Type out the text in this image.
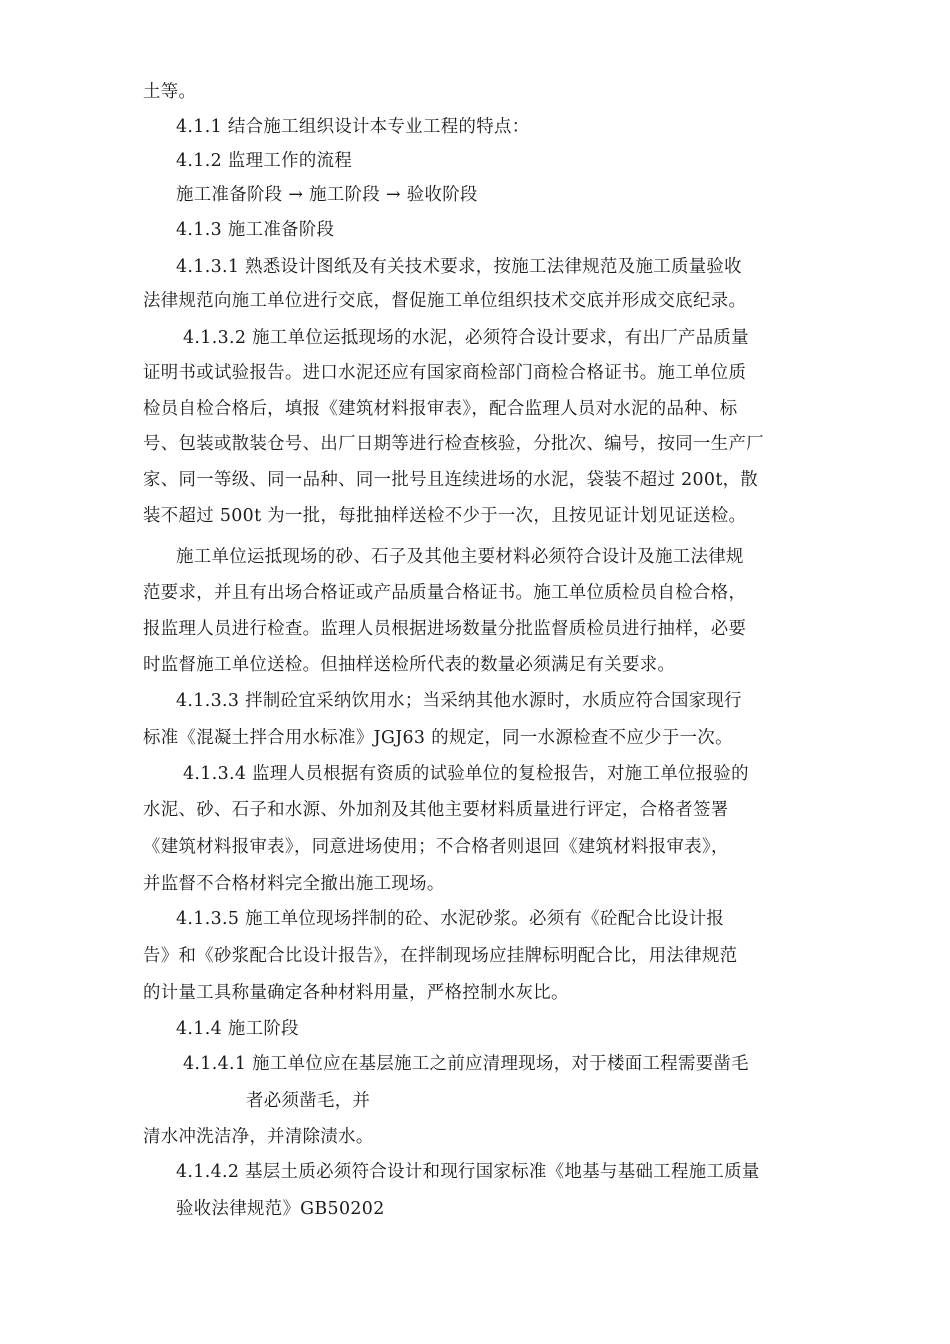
土等。
4.1.1 结合施工组织设计本专业工程的特点：
4.1.2 监理工作的流程
施工准备阶段 → 施工阶段 → 验收阶段
4.1.3 施工准备阶段
4.1.3.1 熟悉设计图纸及有关技术要求，按施工法律规范及施工质量验收
法律规范向施工单位进行交底，督促施工单位组织技术交底并形成交底纪录。
4.1.3.2 施工单位运抵现场的水泥，必须符合设计要求，有出厂产品质量
证明书或试验报告。进口水泥还应有国家商检部门商检合格证书。施工单位质
检员自检合格后，填报《建筑材料报审表》，配合监理人员对水泥的品种、标
号、包装或散装仓号、出厂日期等进行检查核验，分批次、编号，按同一生产厂
家、同一等级、同一品种、同一批号且连续进场的水泥，袋装不超过 200t，散
装不超过 500t 为一批，每批抽样送检不少于一次，且按见证计划见证送检。
施工单位运抵现场的砂、石子及其他主要材料必须符合设计及施工法律规
范要求，并且有出场合格证或产品质量合格证书。施工单位质检员自检合格，
报监理人员进行检查。监理人员根据进场数量分批监督质检员进行抽样，必要
时监督施工单位送检。但抽样送检所代表的数量必须满足有关要求。
4.1.3.3 拌制砼宜采纳饮用水；当采纳其他水源时，水质应符合国家现行
标准《混凝土拌合用水标准》JGJ63 的规定，同一水源检查不应少于一次。
4.1.3.4 监理人员根据有资质的试验单位的复检报告，对施工单位报验的
水泥、砂、石子和水源、外加剂及其他主要材料质量进行评定，合格者签署
《建筑材料报审表》，同意进场使用；不合格者则退回《建筑材料报审表》，
并监督不合格材料完全撤出施工现场。
4.1.3.5 施工单位现场拌制的砼、水泥砂浆。必须有《砼配合比设计报
告》和《砂浆配合比设计报告》，在拌制现场应挂牌标明配合比，用法律规范
的计量工具称量确定各种材料用量，严格控制水灰比。
4.1.4 施工阶段
4.1.4.1 施工单位应在基层施工之前应清理现场，对于楼面工程需要凿毛
者必须凿毛，并
清水冲洗洁净，并清除渍水。
4.1.4.2 基层土质必须符合设计和现行国家标准《地基与基础工程施工质量
验收法律规范》GB50202
